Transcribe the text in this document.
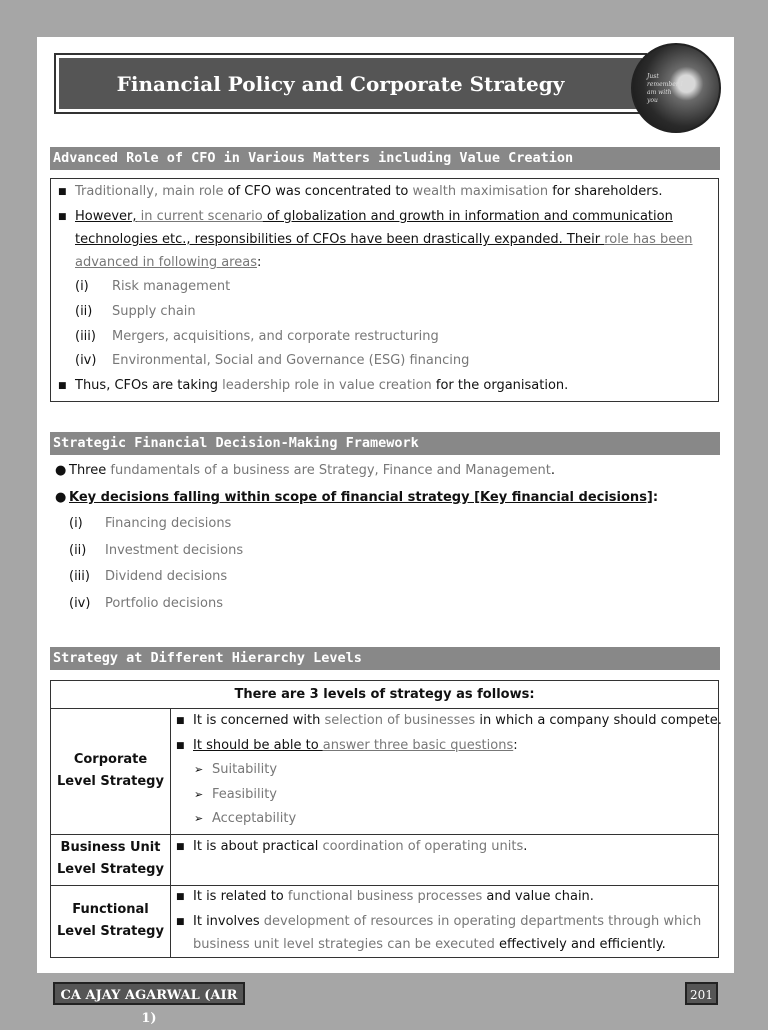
Financial Policy and Corporate Strategy	Just remember I am with you
Advanced Role of CFO in Various Matters including Value Creation
■ Traditionally, main role of CFO was concentrated to wealth maximisation for shareholders.
■ However, in current scenario of globalization and growth in information and communication
technologies etc., responsibilities of CFOs have been drastically expanded. Their role has been
advanced in following areas:
(i) Risk management
(ii) Supply chain
(iii) Mergers, acquisitions, and corporate restructuring
(iv) Environmental, Social and Governance (ESG) financing
■ Thus, CFOs are taking leadership role in value creation for the organisation.
Strategic Financial Decision-Making Framework
● Three fundamentals of a business are Strategy, Finance and Management.
● Key decisions falling within scope of financial strategy [Key financial decisions]:
(i) Financing decisions
(ii) Investment decisions
(iii) Dividend decisions
(iv) Portfolio decisions
Strategy at Different Hierarchy Levels
There are 3 levels of strategy as follows:
Corporate
Level Strategy
Business Unit
Level Strategy
Functional
Level Strategy
■ It is concerned with selection of businesses in which a company should compete.
■ It should be able to answer three basic questions:
➢ Suitability
➢ Feasibility
➢ Acceptability
■ It is about practical coordination of operating units.
■ It is related to functional business processes and value chain.
■ It involves development of resources in operating departments through which
business unit level strategies can be executed effectively and efficiently.
CA AJAY AGARWAL (AIR 1)
201
